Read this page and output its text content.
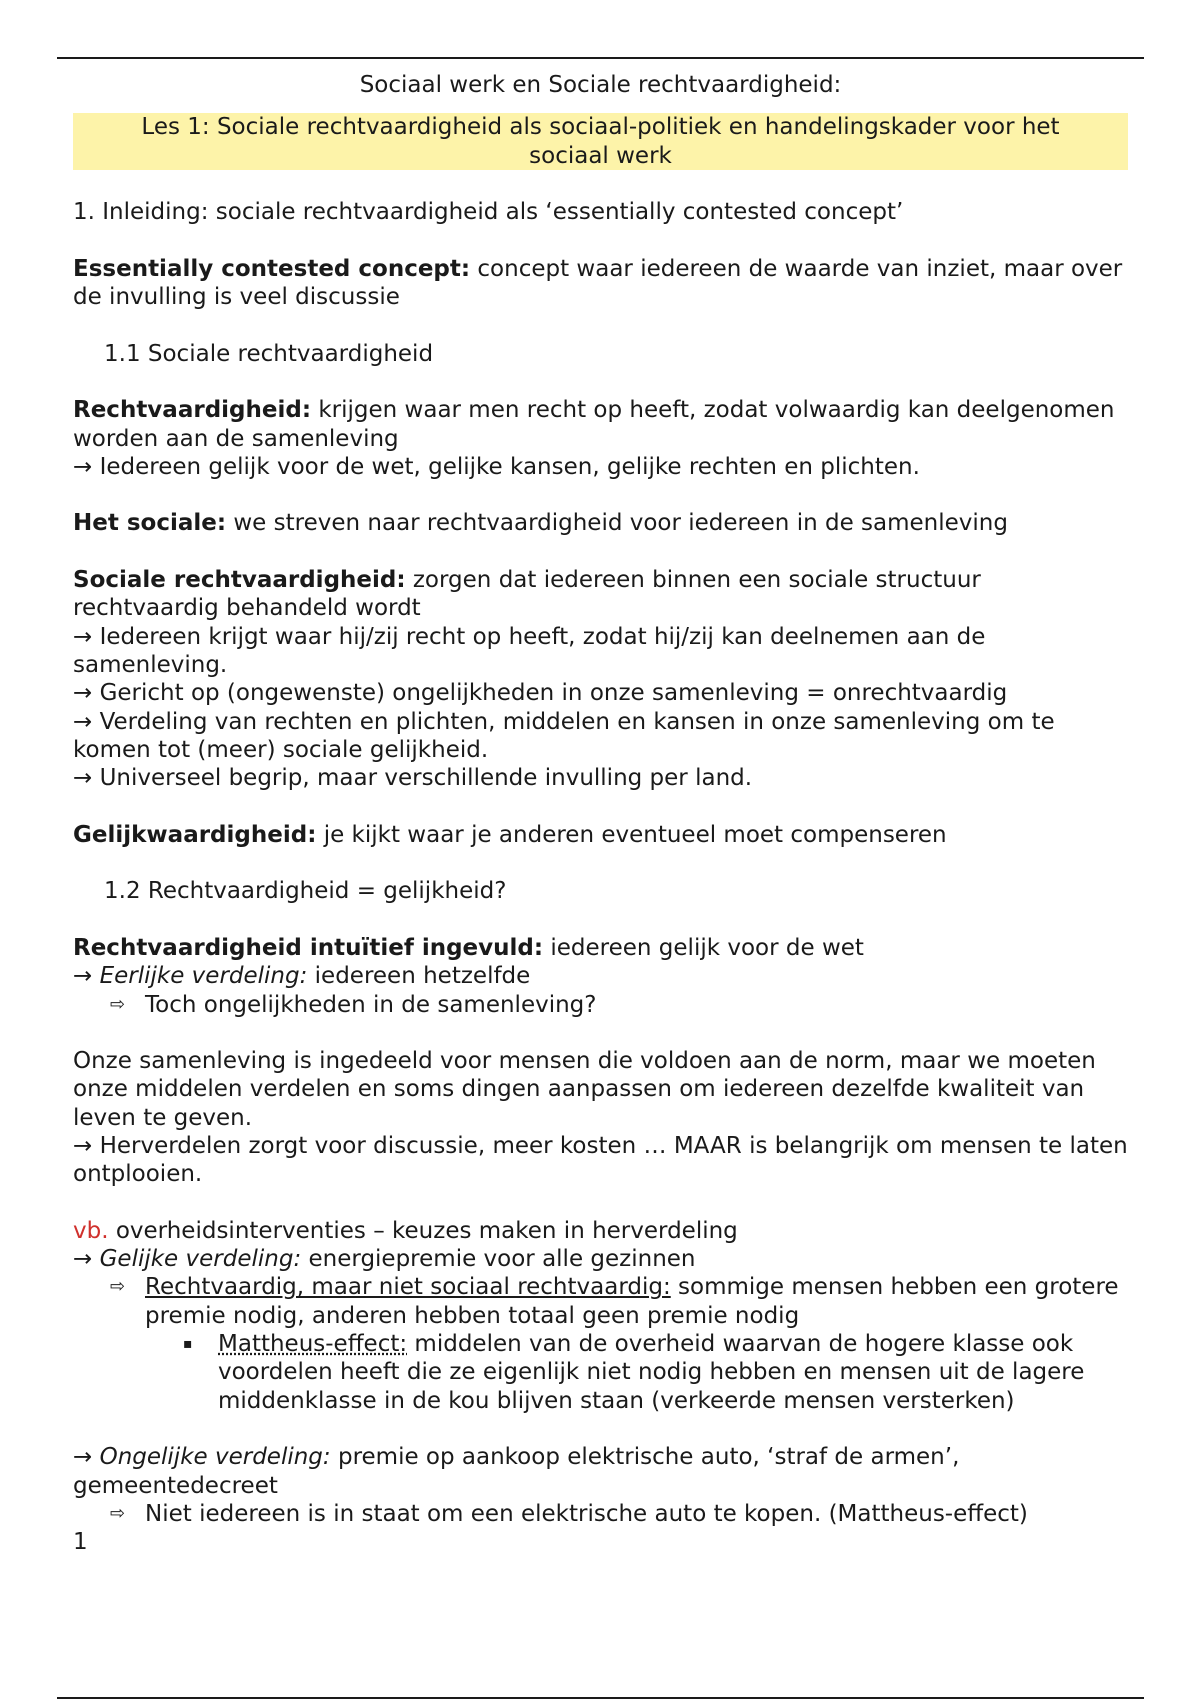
Sociaal werk en Sociale rechtvaardigheid:

Les 1: Sociale rechtvaardigheid als sociaal-politiek en handelingskader voor het sociaal werk

1. Inleiding: sociale rechtvaardigheid als ‘essentially contested concept’

Essentially contested concept: concept waar iedereen de waarde van inziet, maar over de invulling is veel discussie

1.1 Sociale rechtvaardigheid

Rechtvaardigheid: krijgen waar men recht op heeft, zodat volwaardig kan deelgenomen worden aan de samenleving

→ Iedereen gelijk voor de wet, gelijke kansen, gelijke rechten en plichten.

Het sociale: we streven naar rechtvaardigheid voor iedereen in de samenleving

Sociale rechtvaardigheid: zorgen dat iedereen binnen een sociale structuur rechtvaardig behandeld wordt

→ Iedereen krijgt waar hij/zij recht op heeft, zodat hij/zij kan deelnemen aan de samenleving.

→ Gericht op (ongewenste) ongelijkheden in onze samenleving = onrechtvaardig

→ Verdeling van rechten en plichten, middelen en kansen in onze samenleving om te komen tot (meer) sociale gelijkheid.

→ Universeel begrip, maar verschillende invulling per land.

Gelijkwaardigheid: je kijkt waar je anderen eventueel moet compenseren

1.2 Rechtvaardigheid = gelijkheid?

Rechtvaardigheid intuïtief ingevuld: iedereen gelijk voor de wet

→ Eerlijke verdeling: iedereen hetzelfde

⇨ Toch ongelijkheden in de samenleving?

Onze samenleving is ingedeeld voor mensen die voldoen aan de norm, maar we moeten onze middelen verdelen en soms dingen aanpassen om iedereen dezelfde kwaliteit van leven te geven.

→ Herverdelen zorgt voor discussie, meer kosten … MAAR is belangrijk om mensen te laten ontplooien.

vb. overheidsinterventies – keuzes maken in herverdeling

→ Gelijke verdeling: energiepremie voor alle gezinnen

⇨ Rechtvaardig, maar niet sociaal rechtvaardig: sommige mensen hebben een grotere premie nodig, anderen hebben totaal geen premie nodig

▪ Mattheus-effect: middelen van de overheid waarvan de hogere klasse ook voordelen heeft die ze eigenlijk niet nodig hebben en mensen uit de lagere middenklasse in de kou blijven staan (verkeerde mensen versterken)

→ Ongelijke verdeling: premie op aankoop elektrische auto, ‘straf de armen’, gemeentedecreet

⇨ Niet iedereen is in staat om een elektrische auto te kopen. (Mattheus-effect)

1
